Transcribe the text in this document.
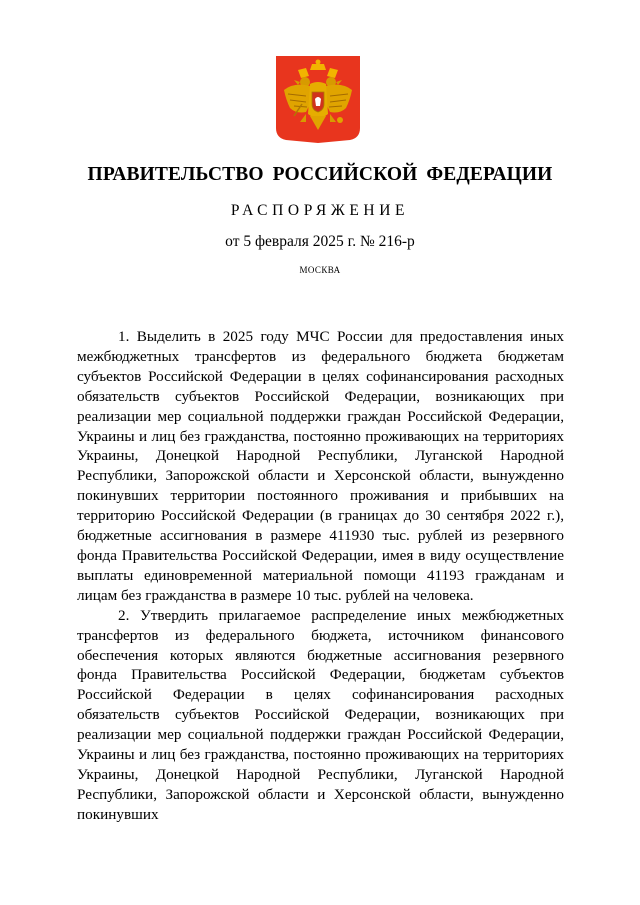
ПРАВИТЕЛЬСТВО РОССИЙСКОЙ ФЕДЕРАЦИИ
РАСПОРЯЖЕНИЕ
от 5 февраля 2025 г. № 216-р
МОСКВА

1. Выделить в 2025 году МЧС России для предоставления иных межбюджетных трансфертов из федерального бюджета бюджетам субъектов Российской Федерации в целях софинансирования расходных обязательств субъектов Российской Федерации, возникающих при реализации мер социальной поддержки граждан Российской Федерации, Украины и лиц без гражданства, постоянно проживающих на территориях Украины, Донецкой Народной Республики, Луганской Народной Республики, Запорожской области и Херсонской области, вынужденно покинувших территории постоянного проживания и прибывших на территорию Российской Федерации (в границах до 30 сентября 2022 г.), бюджетные ассигнования в размере 411930 тыс. рублей из резервного фонда Правительства Российской Федерации, имея в виду осуществление выплаты единовременной материальной помощи 41193 гражданам и лицам без гражданства в размере 10 тыс. рублей на человека.

2. Утвердить прилагаемое распределение иных межбюджетных трансфертов из федерального бюджета, источником финансового обеспечения которых являются бюджетные ассигнования резервного фонда Правительства Российской Федерации, бюджетам субъектов Российской Федерации в целях софинансирования расходных обязательств субъектов Российской Федерации, возникающих при реализации мер социальной поддержки граждан Российской Федерации, Украины и лиц без гражданства, постоянно проживающих на территориях Украины, Донецкой Народной Республики, Луганской Народной Республики, Запорожской области и Херсонской области, вынужденно покинувших
